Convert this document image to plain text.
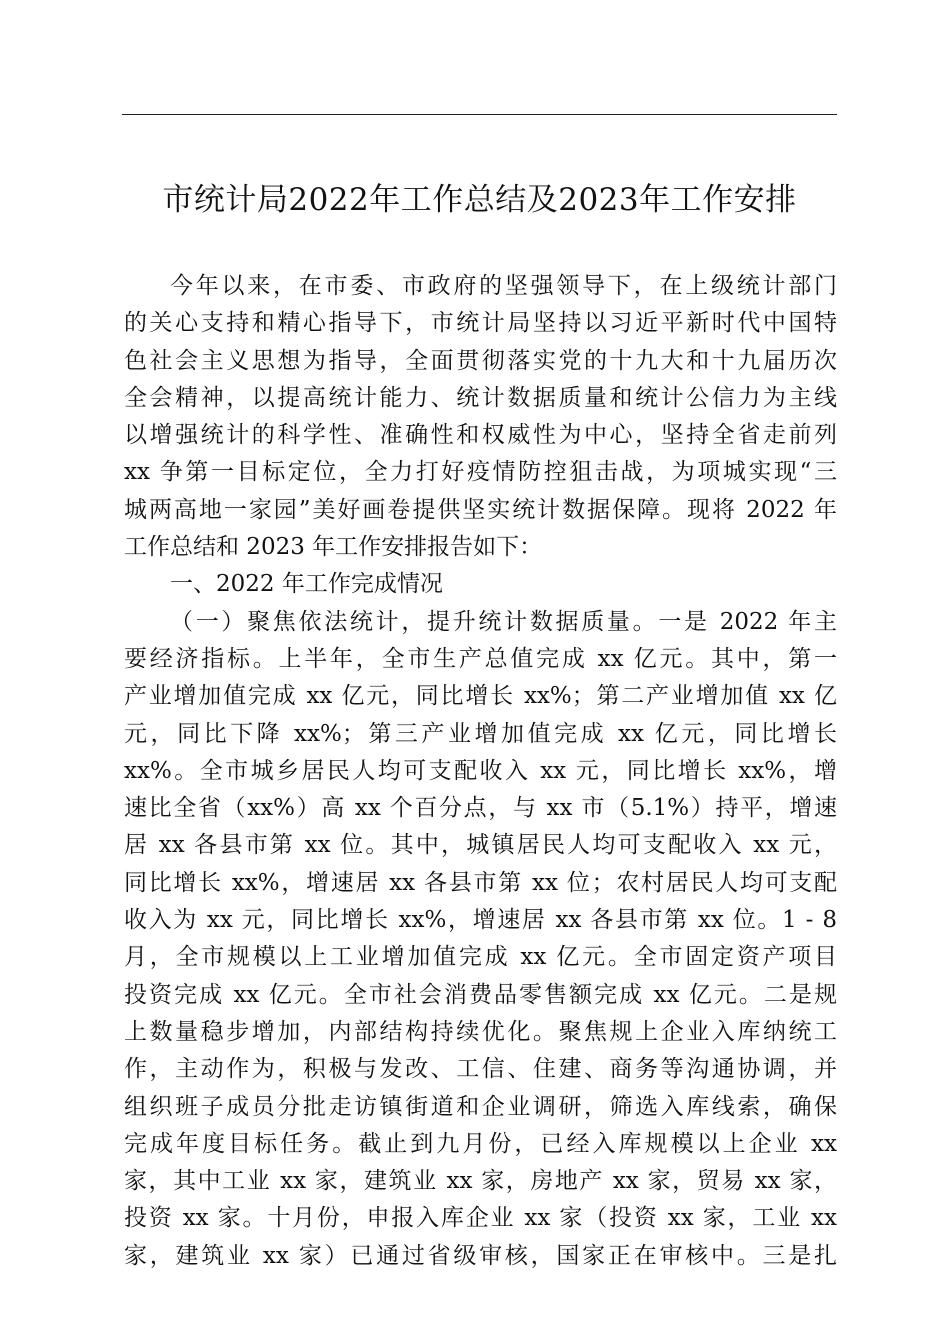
市统计局2022年工作总结及2023年工作安排
今年以来，在市委、市政府的坚强领导下，在上级统计部门
的关心支持和精心指导下，市统计局坚持以习近平新时代中国特
色社会主义思想为指导，全面贯彻落实党的十九大和十九届历次
全会精神，以提高统计能力、统计数据质量和统计公信力为主线
以增强统计的科学性、准确性和权威性为中心，坚持全省走前列
xx 争第一目标定位，全力打好疫情防控狙击战，为项城实现“三
城两高地一家园”美好画卷提供坚实统计数据保障。现将 2022 年
工作总结和 2023 年工作安排报告如下：
一、2022 年工作完成情况
（一）聚焦依法统计，提升统计数据质量。一是 2022 年主
要经济指标。上半年，全市生产总值完成 xx 亿元。其中，第一
产业增加值完成 xx 亿元，同比增长 xx%；第二产业增加值 xx 亿
元，同比下降 xx%；第三产业增加值完成 xx 亿元，同比增长
xx%。全市城乡居民人均可支配收入 xx 元，同比增长 xx%，增
速比全省（xx%）高 xx 个百分点，与 xx 市（5.1%）持平，增速
居 xx 各县市第 xx 位。其中，城镇居民人均可支配收入 xx 元，
同比增长 xx%，增速居 xx 各县市第 xx 位；农村居民人均可支配
收入为 xx 元，同比增长 xx%，增速居 xx 各县市第 xx 位。1 - 8
月，全市规模以上工业增加值完成 xx 亿元。全市固定资产项目
投资完成 xx 亿元。全市社会消费品零售额完成 xx 亿元。二是规
上数量稳步增加，内部结构持续优化。聚焦规上企业入库纳统工
作，主动作为，积极与发改、工信、住建、商务等沟通协调，并
组织班子成员分批走访镇街道和企业调研，筛选入库线索，确保
完成年度目标任务。截止到九月份，已经入库规模以上企业 xx
家，其中工业 xx 家，建筑业 xx 家，房地产 xx 家，贸易 xx 家，
投资 xx 家。十月份，申报入库企业 xx 家（投资 xx 家，工业 xx
家，建筑业 xx 家）已通过省级审核，国家正在审核中。三是扎
